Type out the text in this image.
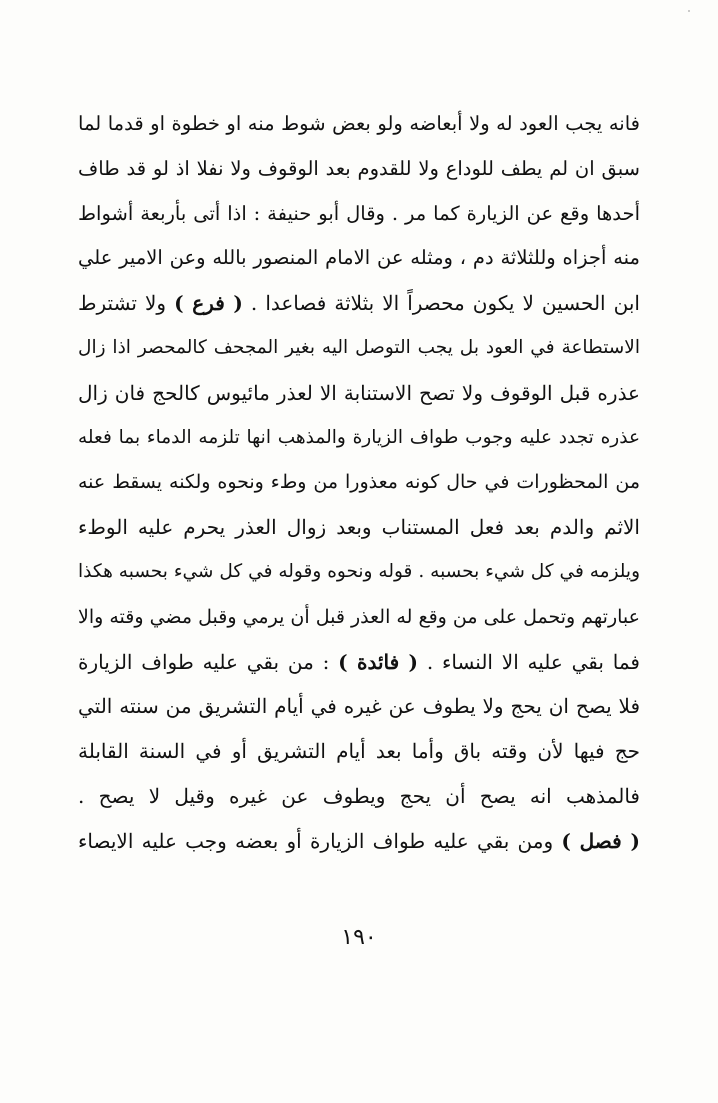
فانه يجب العود له ولا أبعاضه ولو بعض شوط منه او خطوة او قدما لما
سبق ان لم يطف للوداع ولا للقدوم بعد الوقوف ولا نفلا اذ لو قد طاف
أحدها وقع عن الزيارة كما مر . وقال أبو حنيفة : اذا أتى بأربعة أشواط
منه أجزاه وللثلاثة دم ، ومثله عن الامام المنصور بالله وعن الامير علي
ابن الحسين لا يكون محصراً الا بثلاثة فصاعدا . ( فرع ) ولا تشترط
الاستطاعة في العود بل يجب التوصل اليه بغير المجحف كالمحصر اذا زال
عذره قبل الوقوف ولا تصح الاستنابة الا لعذر مائيوس كالحج فان زال
عذره تجدد عليه وجوب طواف الزيارة والمذهب انها تلزمه الدماء بما فعله
من المحظورات في حال كونه معذورا من وطء ونحوه ولكنه يسقط عنه
الاثم والدم بعد فعل المستناب وبعد زوال العذر يحرم عليه الوطء
ويلزمه في كل شيء بحسبه . قوله ونحوه وقوله في كل شيء بحسبه هكذا
عبارتهم وتحمل على من وقع له العذر قبل أن يرمي وقبل مضي وقته والا
فما بقي عليه الا النساء . ( فائدة ) : من بقي عليه طواف الزيارة
فلا يصح ان يحج ولا يطوف عن غيره في أيام التشريق من سنته التي
حج فيها لأن وقته باق وأما بعد أيام التشريق أو في السنة القابلة
فالمذهب انه يصح أن يحج ويطوف عن غيره وقيل لا يصح .
( فصل ) ومن بقي عليه طواف الزيارة أو بعضه وجب عليه الايصاء
١٩٠
